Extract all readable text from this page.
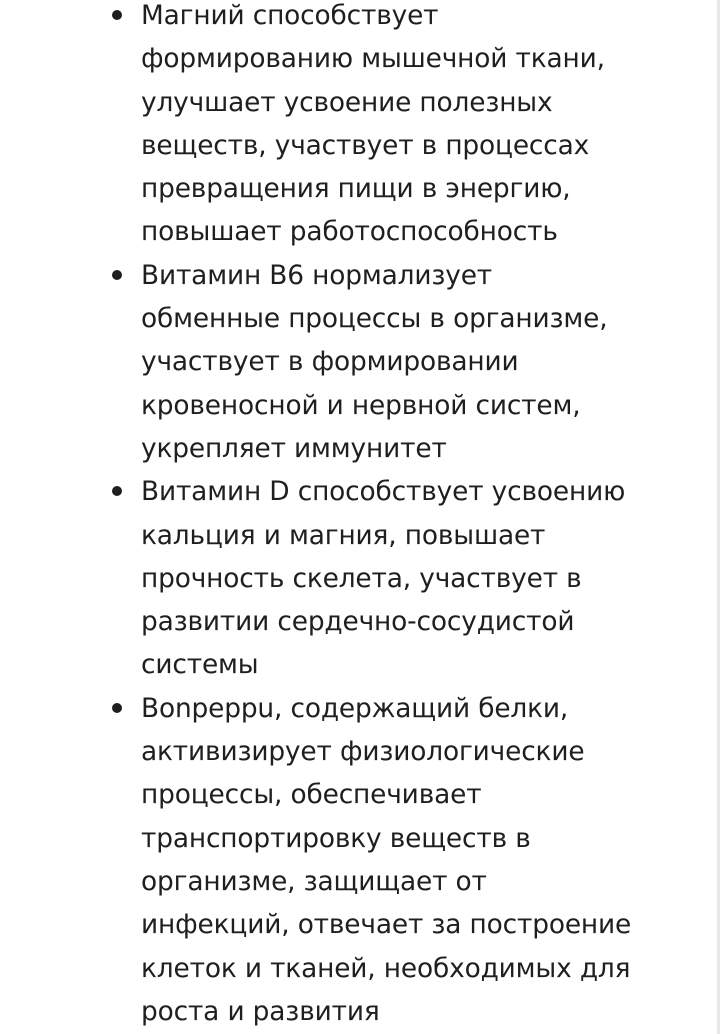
Магний способствует
формированию мышечной ткани,
улучшает усвоение полезных
веществ, участвует в процессах
превращения пищи в энергию,
повышает работоспособность
Витамин В6 нормализует
обменные процессы в организме,
участвует в формировании
кровеносной и нервной систем,
укрепляет иммунитет
Витамин D способствует усвоению
кальция и магния, повышает
прочность скелета, участвует в
развитии сердечно-сосудистой
системы
Bonpeppu, содержащий белки,
активизирует физиологические
процессы, обеспечивает
транспортировку веществ в
организме, защищает от
инфекций, отвечает за построение
клеток и тканей, необходимых для
роста и развития
